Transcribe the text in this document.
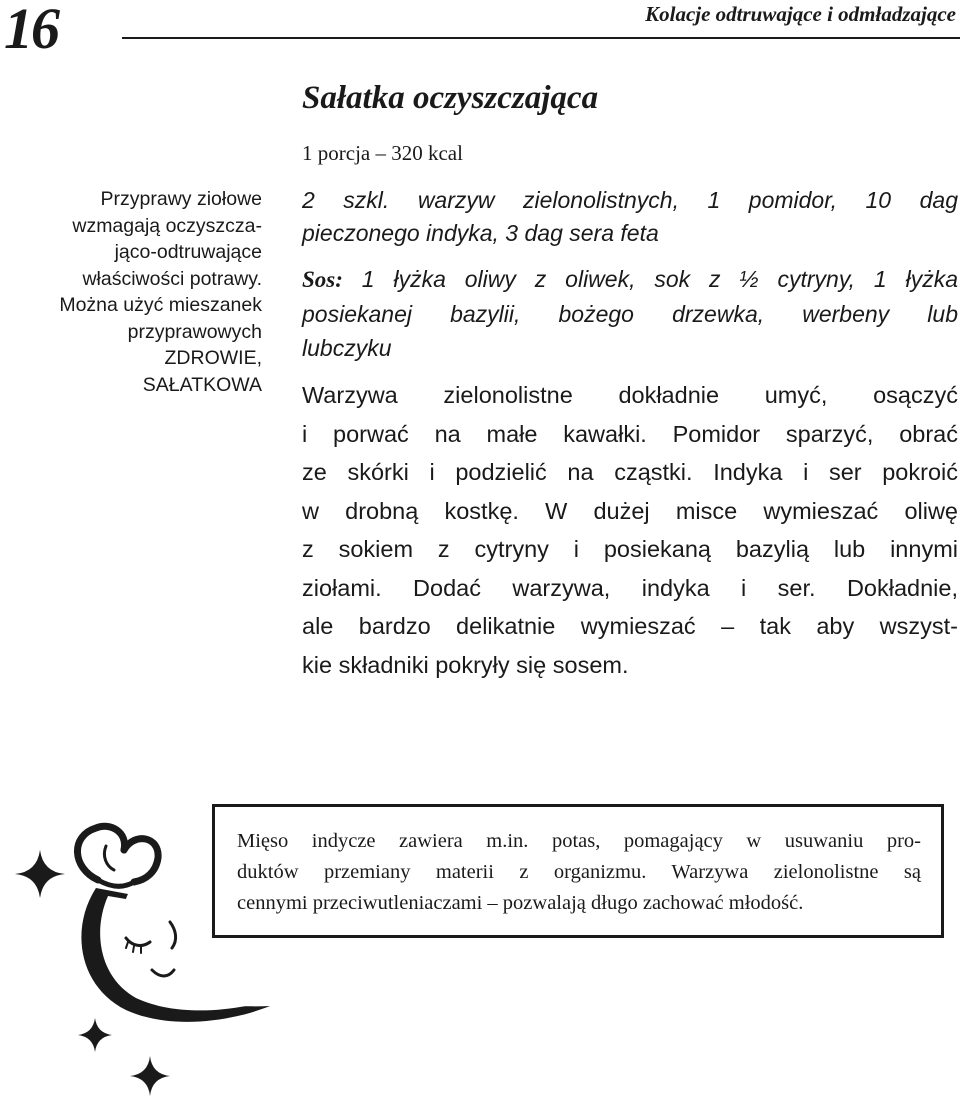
16	Kolacje odtruwające i odmładzające
Przyprawy ziołowe
wzmagają oczyszcza-
jąco-odtruwające
właściwości potrawy.
Można użyć mieszanek
przyprawowych
ZDROWIE,
SAŁATKOWA
Sałatka oczyszczająca
1 porcja – 320 kcal
2 szkl. warzyw zielonolistnych, 1 pomidor, 10 dag
pieczonego indyka, 3 dag sera feta
Sos: 1 łyżka oliwy z oliwek, sok z ½ cytryny, 1 łyżka
posiekanej bazylii, bożego drzewka, werbeny lub
lubczyku
Warzywa zielonolistne dokładnie umyć, osączyć
i porwać na małe kawałki. Pomidor sparzyć, obrać
ze skórki i podzielić na cząstki. Indyka i ser pokroić
w drobną kostkę. W dużej misce wymieszać oliwę
z sokiem z cytryny i posiekaną bazylią lub innymi
ziołami. Dodać warzywa, indyka i ser. Dokładnie,
ale bardzo delikatnie wymieszać – tak aby wszyst-
kie składniki pokryły się sosem.
Mięso indycze zawiera m.in. potas, pomagający w usuwaniu pro-
duktów przemiany materii z organizmu. Warzywa zielonolistne są
cennymi przeciwutleniaczami – pozwalają długo zachować młodość.
